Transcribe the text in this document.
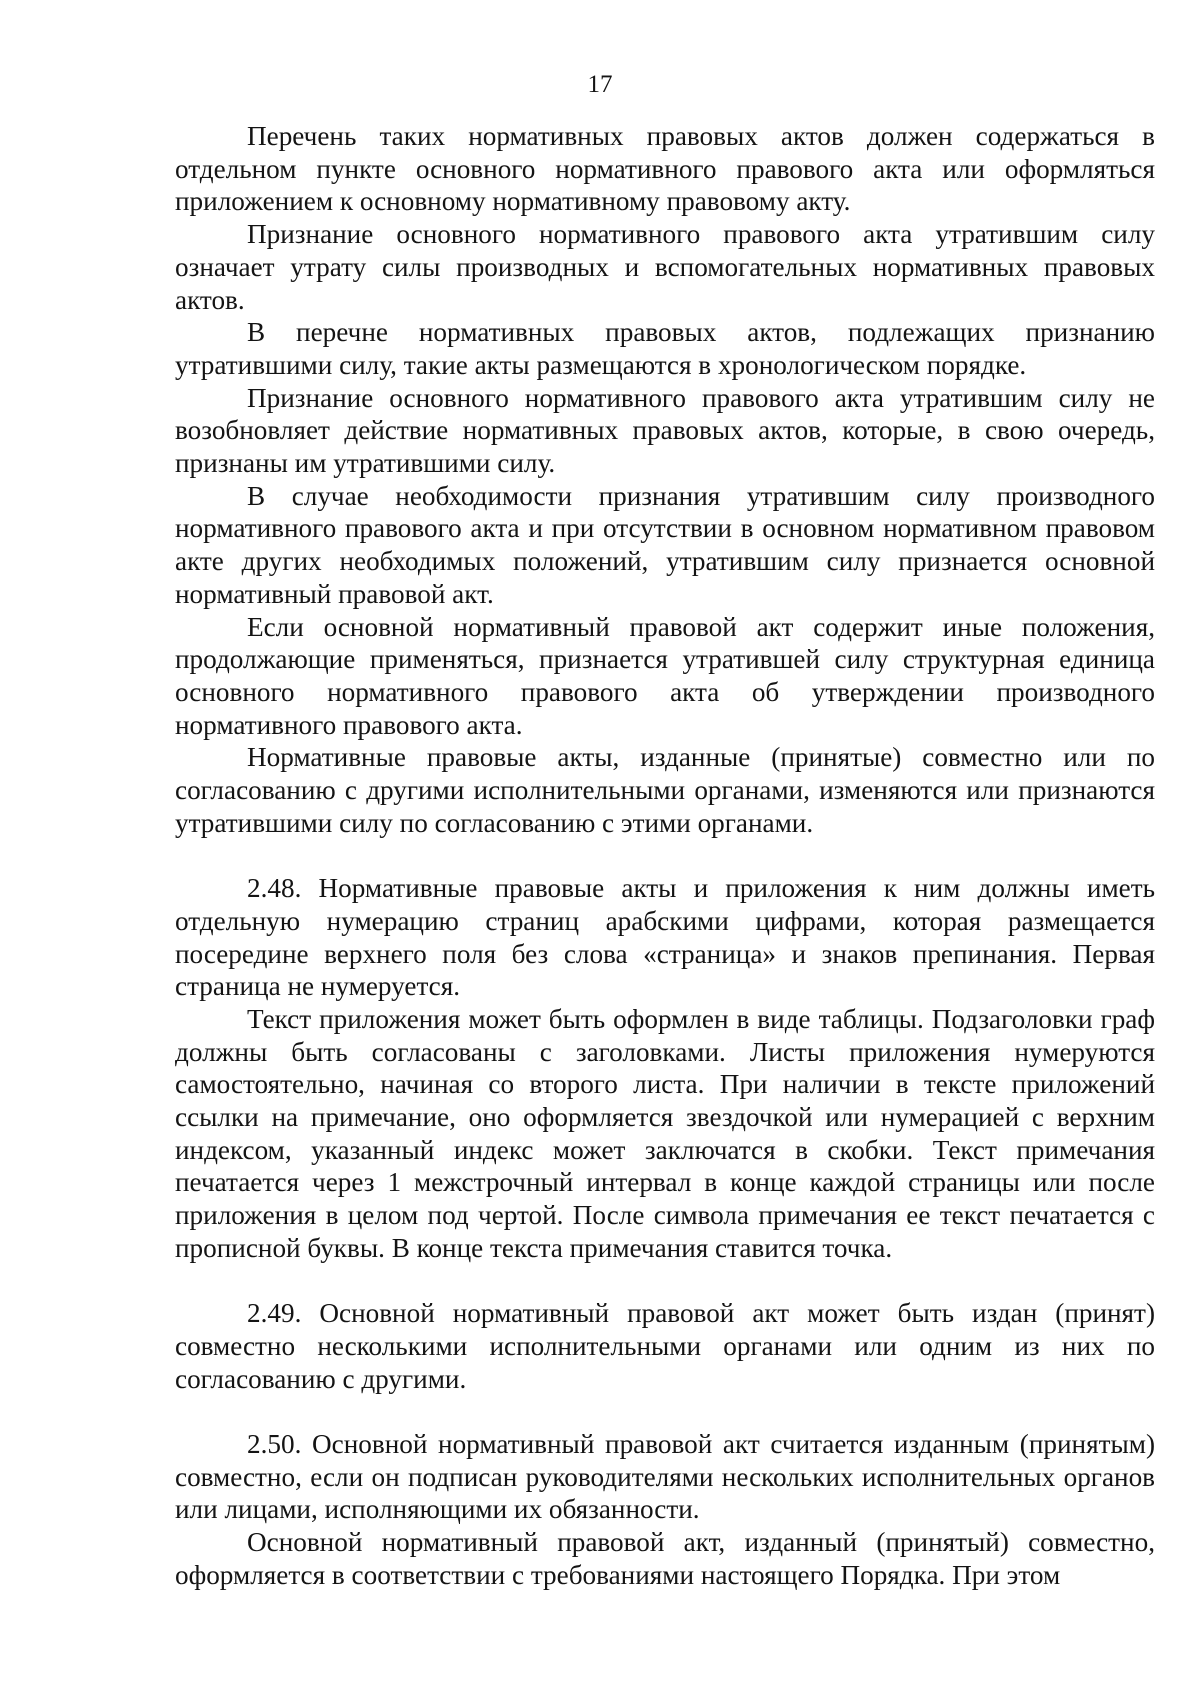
17

Перечень таких нормативных правовых актов должен содержаться в отдельном пункте основного нормативного правового акта или оформляться приложением к основному нормативному правовому акту.

Признание основного нормативного правового акта утратившим силу означает утрату силы производных и вспомогательных нормативных правовых актов.

В перечне нормативных правовых актов, подлежащих признанию утратившими силу, такие акты размещаются в хронологическом порядке.

Признание основного нормативного правового акта утратившим силу не возобновляет действие нормативных правовых актов, которые, в свою очередь, признаны им утратившими силу.

В случае необходимости признания утратившим силу производного нормативного правового акта и при отсутствии в основном нормативном правовом акте других необходимых положений, утратившим силу признается основной нормативный правовой акт.

Если основной нормативный правовой акт содержит иные положения, продолжающие применяться, признается утратившей силу структурная единица основного нормативного правового акта об утверждении производного нормативного правового акта.

Нормативные правовые акты, изданные (принятые) совместно или по согласованию с другими исполнительными органами, изменяются или признаются утратившими силу по согласованию с этими органами.

2.48. Нормативные правовые акты и приложения к ним должны иметь отдельную нумерацию страниц арабскими цифрами, которая размещается посередине верхнего поля без слова «страница» и знаков препинания. Первая страница не нумеруется.

Текст приложения может быть оформлен в виде таблицы. Подзаголовки граф должны быть согласованы с заголовками. Листы приложения нумеруются самостоятельно, начиная со второго листа. При наличии в тексте приложений ссылки на примечание, оно оформляется звездочкой или нумерацией с верхним индексом, указанный индекс может заключатся в скобки. Текст примечания печатается через 1 межстрочный интервал в конце каждой страницы или после приложения в целом под чертой. После символа примечания ее текст печатается с прописной буквы. В конце текста примечания ставится точка.

2.49. Основной нормативный правовой акт может быть издан (принят) совместно несколькими исполнительными органами или одним из них по согласованию с другими.

2.50. Основной нормативный правовой акт считается изданным (принятым) совместно, если он подписан руководителями нескольких исполнительных органов или лицами, исполняющими их обязанности.

Основной нормативный правовой акт, изданный (принятый) совместно, оформляется в соответствии с требованиями настоящего Порядка. При этом
